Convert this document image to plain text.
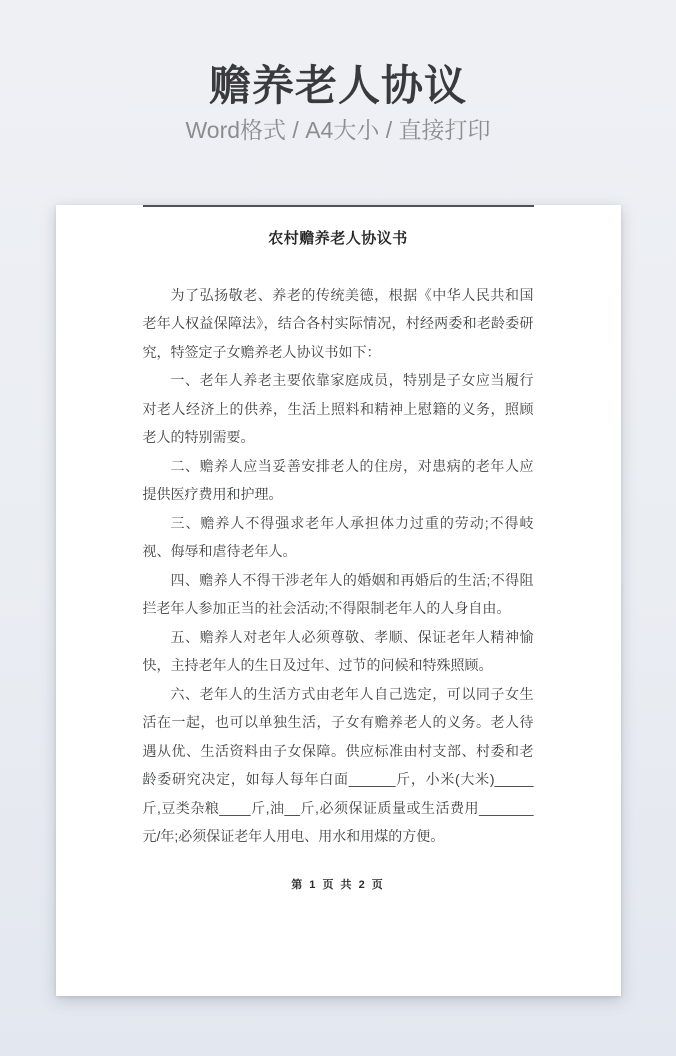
赡养老人协议
Word格式 / A4大小 / 直接打印
农村赡养老人协议书

为了弘扬敬老、养老的传统美德，根据《中华人民共和国老年人权益保障法》，结合各村实际情况，村经两委和老龄委研究，特签定子女赡养老人协议书如下：

一、老年人养老主要依靠家庭成员，特别是子女应当履行对老人经济上的供养，生活上照料和精神上慰籍的义务，照顾老人的特别需要。

二、赡养人应当妥善安排老人的住房，对患病的老年人应提供医疗费用和护理。

三、赡养人不得强求老年人承担体力过重的劳动;不得岐视、侮辱和虐待老年人。

四、赡养人不得干涉老年人的婚姻和再婚后的生活;不得阻拦老年人参加正当的社会活动;不得限制老年人的人身自由。

五、赡养人对老年人必须尊敬、孝顺、保证老年人精神愉快，主持老年人的生日及过年、过节的问候和特殊照顾。

六、老年人的生活方式由老年人自己选定，可以同子女生活在一起，也可以单独生活，子女有赡养老人的义务。老人待遇从优、生活资料由子女保障。供应标准由村支部、村委和老龄委研究决定，如每人每年白面______斤，小米(大米)_____斤,豆类杂粮____斤,油__斤,必须保证质量或生活费用_______元/年;必须保证老年人用电、用水和用煤的方便。

第 1 页 共 2 页
